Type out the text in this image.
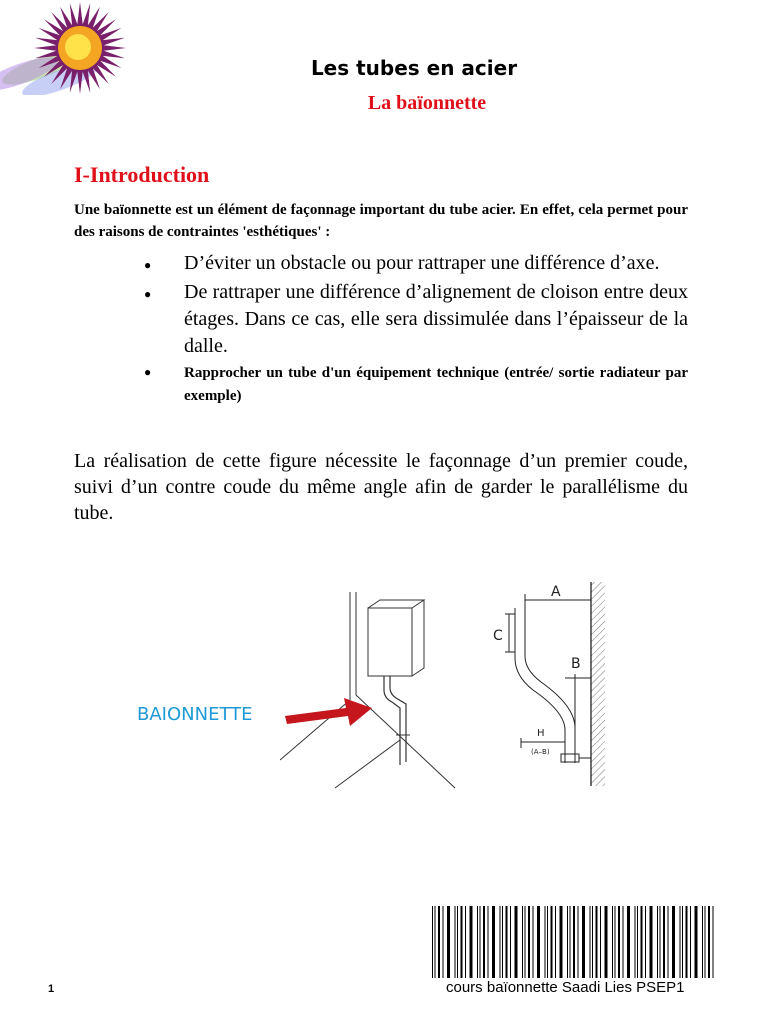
Les tubes en acier
La baïonnette
I-Introduction
Une baïonnette est un élément de façonnage important du tube acier. En effet, cela permet pour des raisons de contraintes 'esthétiques' :
● D’éviter un obstacle ou pour rattraper une différence d’axe.
● De rattraper une différence d’alignement de cloison entre deux étages. Dans ce cas, elle sera dissimulée dans l’épaisseur de la dalle.
● Rapprocher un tube d'un équipement technique (entrée/ sortie radiateur par exemple)
La réalisation de cette figure nécessite le façonnage d’un premier coude, suivi d’un contre coude du même angle afin de garder le parallélisme du tube.
BAIONNETTE
A
C
B
H
(A–B)
cours baïonnette Saadi Lies PSEP1
1
